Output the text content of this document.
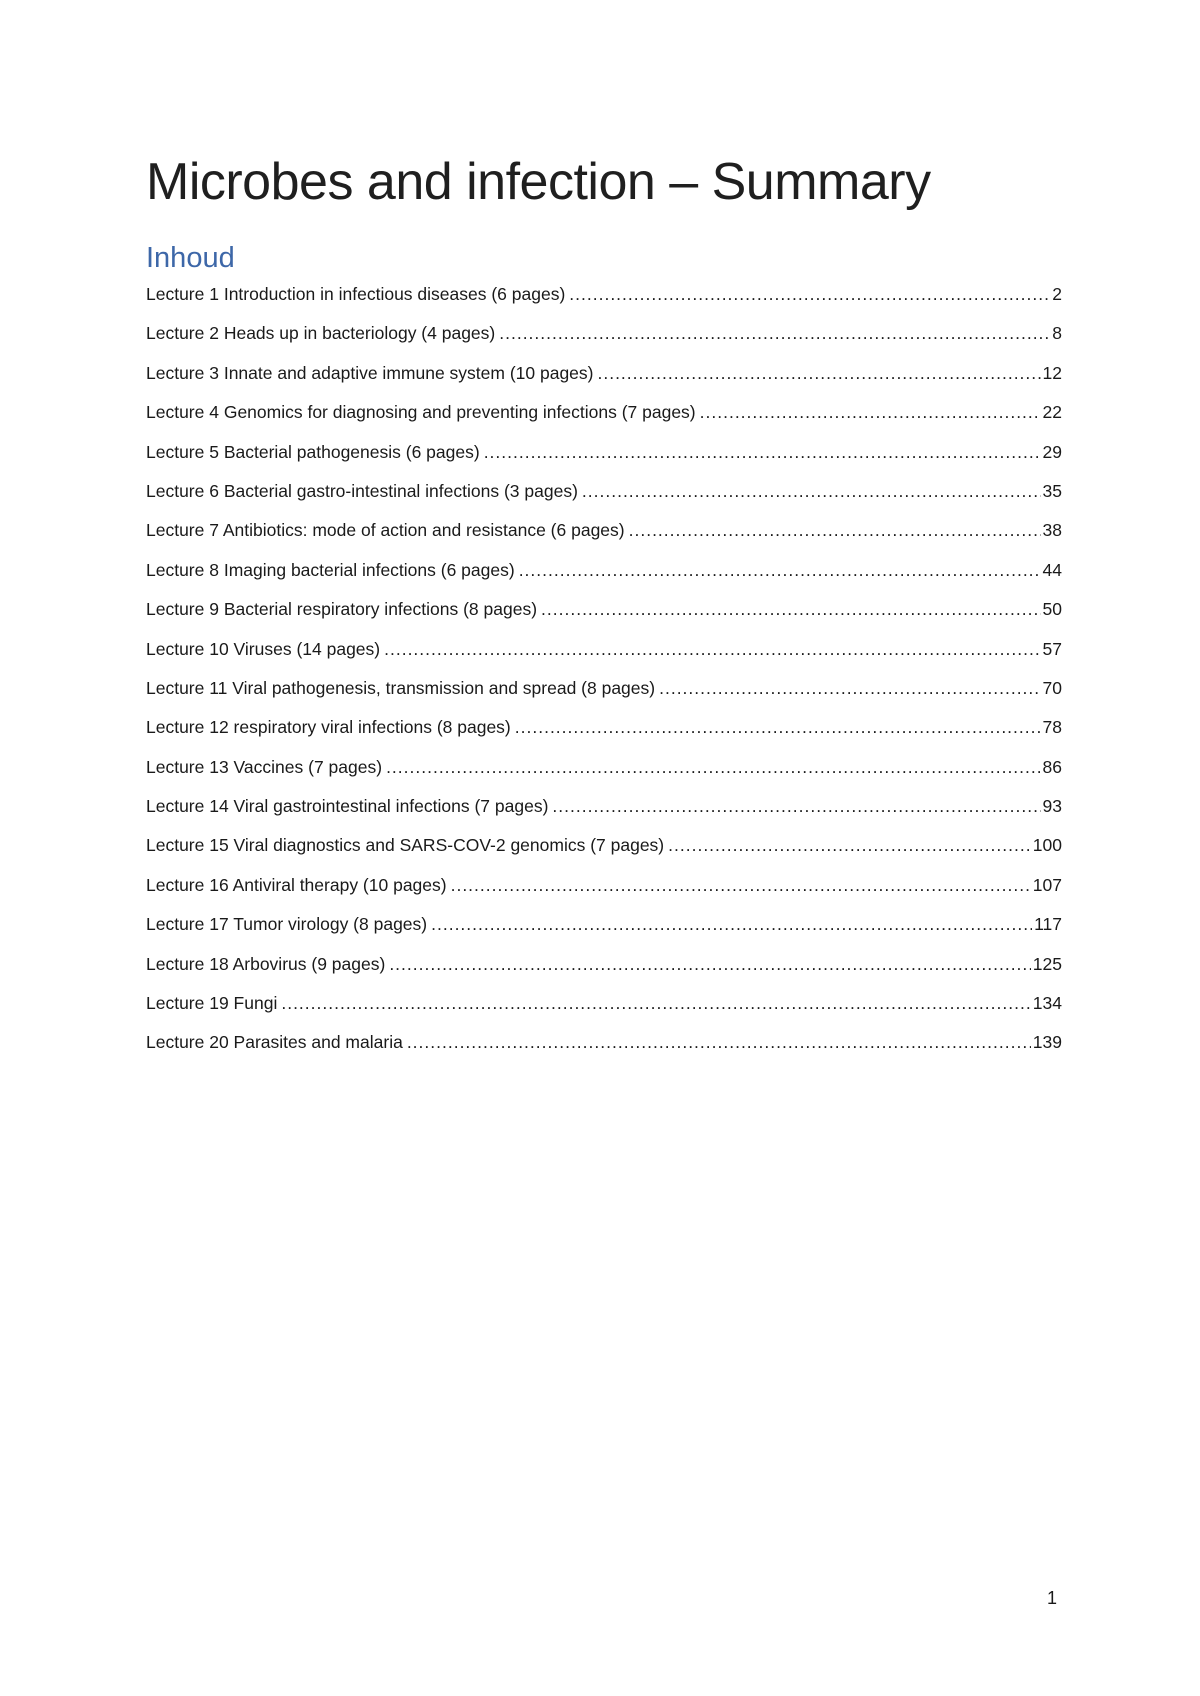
Microbes and infection – Summary
Inhoud
Lecture 1 Introduction in infectious diseases (6 pages) .....	2
Lecture 2 Heads up in bacteriology (4 pages) .....	8
Lecture 3 Innate and adaptive immune system (10 pages) .....	12
Lecture 4 Genomics for diagnosing and preventing infections (7 pages) .....	22
Lecture 5 Bacterial pathogenesis (6 pages) .....	29
Lecture 6 Bacterial gastro-intestinal infections (3 pages) .....	35
Lecture 7 Antibiotics: mode of action and resistance (6 pages) .....	38
Lecture 8 Imaging bacterial infections (6 pages) .....	44
Lecture 9 Bacterial respiratory infections (8 pages) .....	50
Lecture 10 Viruses (14 pages) .....	57
Lecture 11 Viral pathogenesis, transmission and spread (8 pages) .....	70
Lecture 12 respiratory viral infections (8 pages) .....	78
Lecture 13 Vaccines (7 pages) .....	86
Lecture 14 Viral gastrointestinal infections (7 pages) .....	93
Lecture 15 Viral diagnostics and SARS-COV-2 genomics (7 pages) .....	100
Lecture 16 Antiviral therapy (10 pages) .....	107
Lecture 17 Tumor virology (8 pages) .....	117
Lecture 18 Arbovirus (9 pages) .....	125
Lecture 19 Fungi .....	134
Lecture 20 Parasites and malaria .....	139
1
